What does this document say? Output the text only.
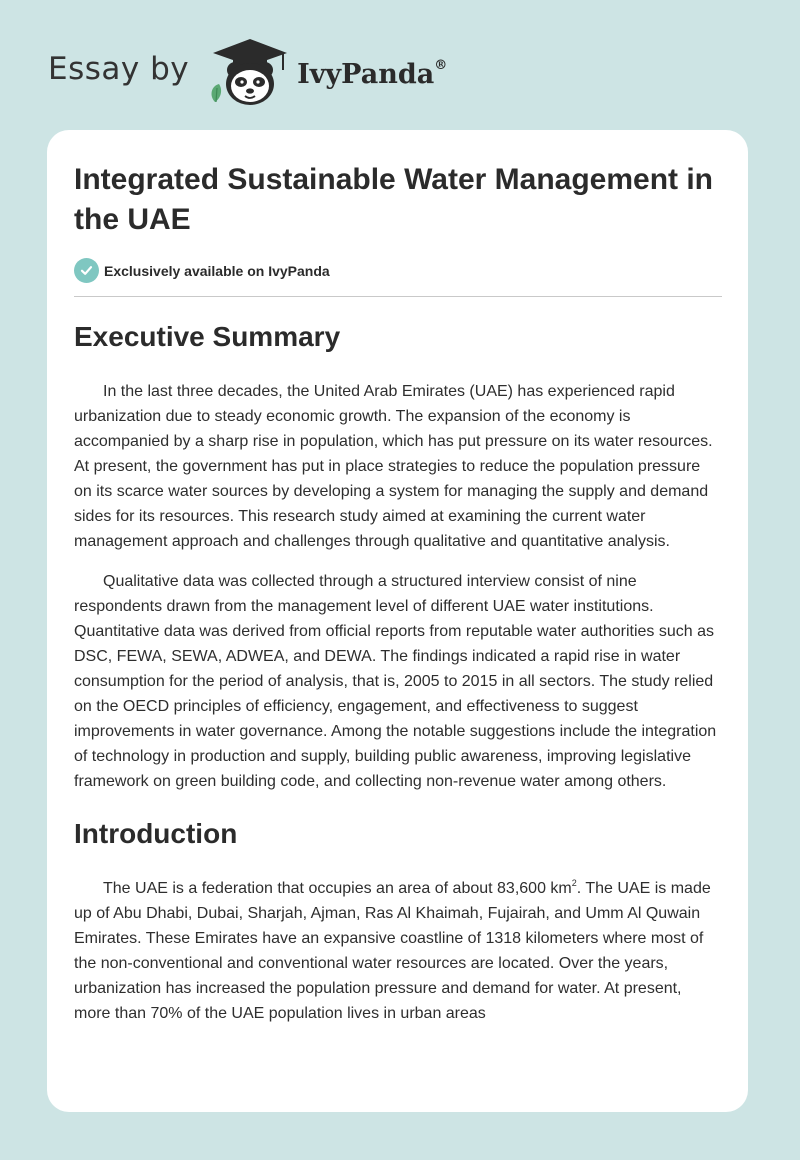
Essay by	IvyPanda®
Integrated Sustainable Water Management in the UAE
Exclusively available on IvyPanda
Executive Summary

In the last three decades, the United Arab Emirates (UAE) has experienced rapid urbanization due to steady economic growth. The expansion of the economy is accompanied by a sharp rise in population, which has put pressure on its water resources. At present, the government has put in place strategies to reduce the population pressure on its scarce water sources by developing a system for managing the supply and demand sides for its resources. This research study aimed at examining the current water management approach and challenges through qualitative and quantitative analysis.

Qualitative data was collected through a structured interview consist of nine respondents drawn from the management level of different UAE water institutions. Quantitative data was derived from official reports from reputable water authorities such as DSC, FEWA, SEWA, ADWEA, and DEWA. The findings indicated a rapid rise in water consumption for the period of analysis, that is, 2005 to 2015 in all sectors. The study relied on the OECD principles of efficiency, engagement, and effectiveness to suggest improvements in water governance. Among the notable suggestions include the integration of technology in production and supply, building public awareness, improving legislative framework on green building code, and collecting non-revenue water among others.

Introduction

The UAE is a federation that occupies an area of about 83,600 $km^2$. The UAE is made up of Abu Dhabi, Dubai, Sharjah, Ajman, Ras Al Khaimah, Fujairah, and Umm Al Quwain Emirates. These Emirates have an expansive coastline of 1318 kilometers where most of the non-conventional and conventional water resources are located. Over the years, urbanization has increased the population pressure and demand for water. At present, more than 70% of the UAE population lives in urban areas
